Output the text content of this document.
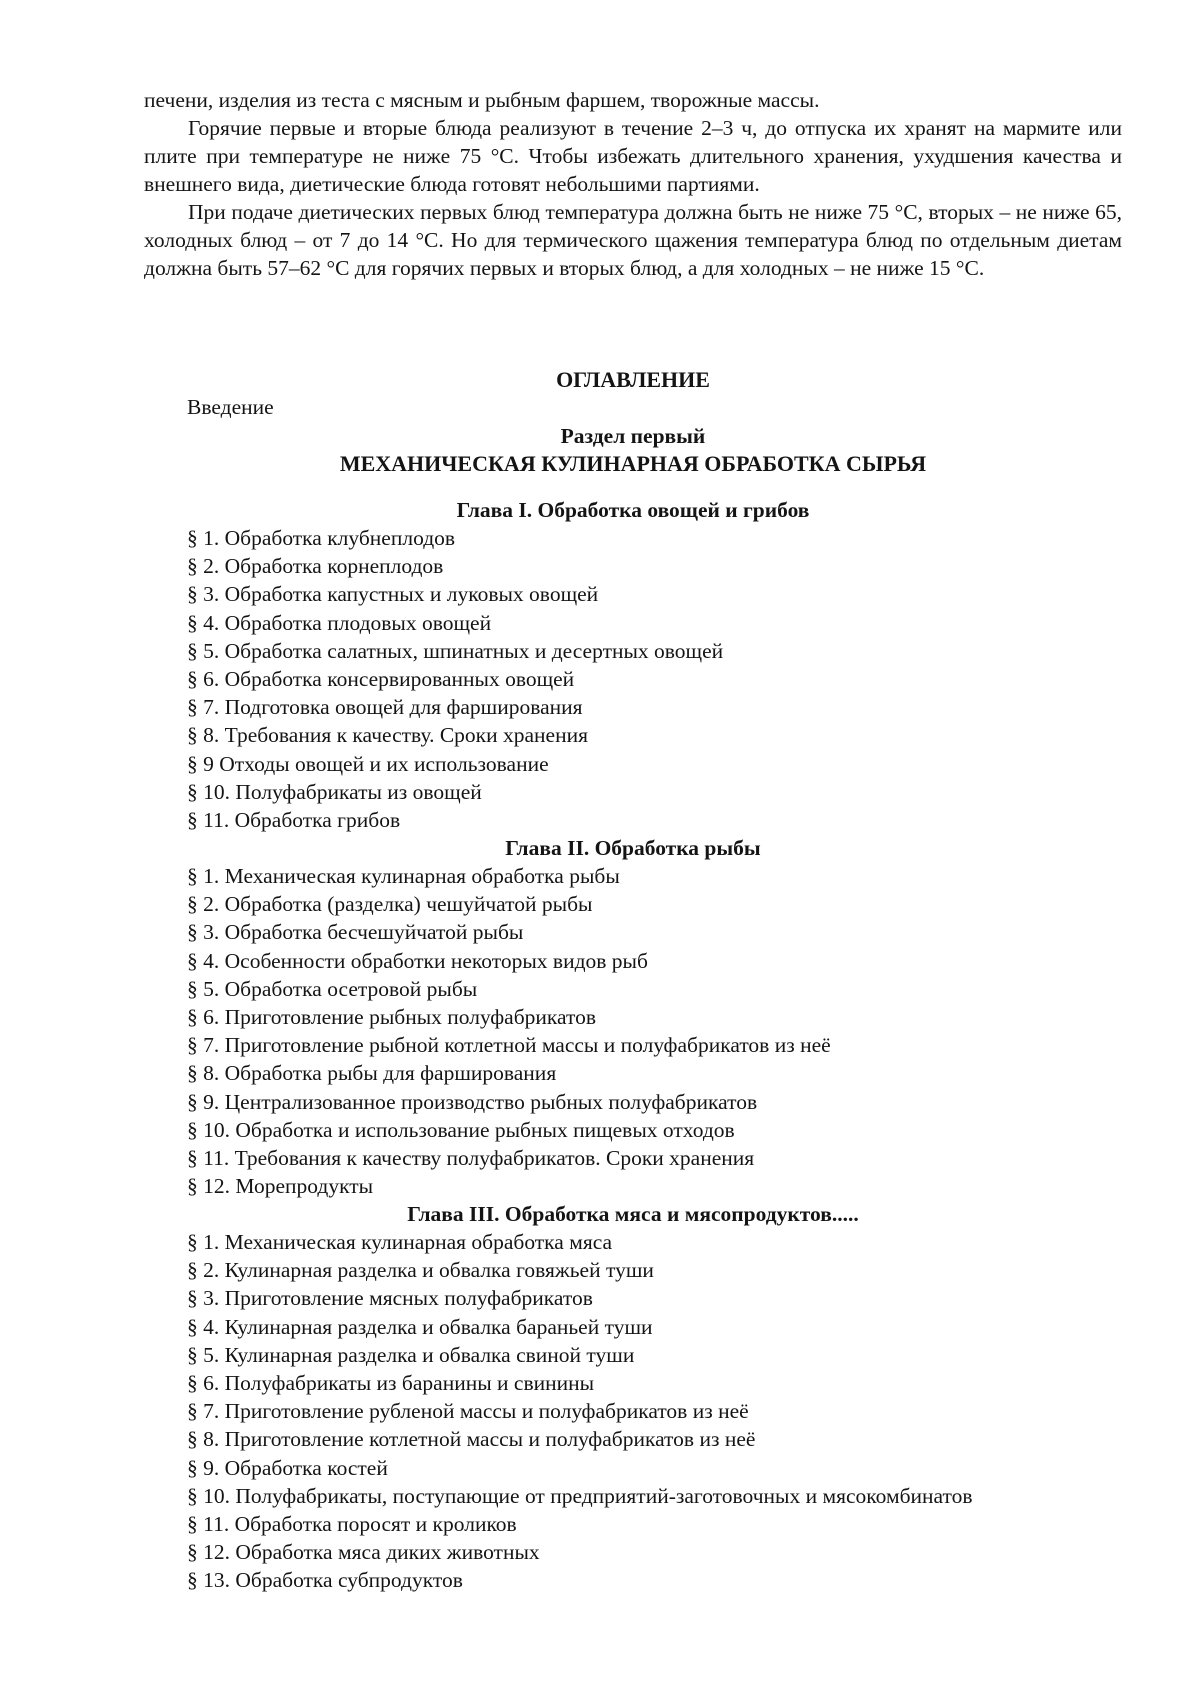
печени, изделия из теста с мясным и рыбным фаршем, творожные массы.

Горячие первые и вторые блюда реализуют в течение 2–3 ч, до отпуска их хранят на мармите или плите при температуре не ниже 75 °С. Чтобы избежать длительного хранения, ухудшения качества и внешнего вида, диетические блюда готовят небольшими партиями.

При подаче диетических первых блюд температура должна быть не ниже 75 °С, вторых – не ниже 65, холодных блюд – от 7 до 14 °С. Но для термического щажения температура блюд по отдельным диетам должна быть 57–62 °С для горячих первых и вторых блюд, а для холодных – не ниже 15 °С.

ОГЛАВЛЕНИЕ
Введение
Раздел первый
МЕХАНИЧЕСКАЯ КУЛИНАРНАЯ ОБРАБОТКА СЫРЬЯ
Глава I. Обработка овощей и грибов
§ 1. Обработка клубнеплодов
§ 2. Обработка корнеплодов
§ 3. Обработка капустных и луковых овощей
§ 4. Обработка плодовых овощей
§ 5. Обработка салатных, шпинатных и десертных овощей
§ 6. Обработка консервированных овощей
§ 7. Подготовка овощей для фарширования
§ 8. Требования к качеству. Сроки хранения
§ 9 Отходы овощей и их использование
§ 10. Полуфабрикаты из овощей
§ 11. Обработка грибов
Глава II. Обработка рыбы
§ 1. Механическая кулинарная обработка рыбы
§ 2. Обработка (разделка) чешуйчатой рыбы
§ 3. Обработка бесчешуйчатой рыбы
§ 4. Особенности обработки некоторых видов рыб
§ 5. Обработка осетровой рыбы
§ 6. Приготовление рыбных полуфабрикатов
§ 7. Приготовление рыбной котлетной массы и полуфабрикатов из неё
§ 8. Обработка рыбы для фарширования
§ 9. Централизованное производство рыбных полуфабрикатов
§ 10. Обработка и использование рыбных пищевых отходов
§ 11. Требования к качеству полуфабрикатов. Сроки хранения
§ 12. Морепродукты
Глава III. Обработка мяса и мясопродуктов.....
§ 1. Механическая кулинарная обработка мяса
§ 2. Кулинарная разделка и обвалка говяжьей туши
§ 3. Приготовление мясных полуфабрикатов
§ 4. Кулинарная разделка и обвалка бараньей туши
§ 5. Кулинарная разделка и обвалка свиной туши
§ 6. Полуфабрикаты из баранины и свинины
§ 7. Приготовление рубленой массы и полуфабрикатов из неё
§ 8. Приготовление котлетной массы и полуфабрикатов из неё
§ 9. Обработка костей
§ 10. Полуфабрикаты, поступающие от предприятий-заготовочных и мясокомбинатов
§ 11. Обработка поросят и кроликов
§ 12. Обработка мяса диких животных
§ 13. Обработка субпродуктов
